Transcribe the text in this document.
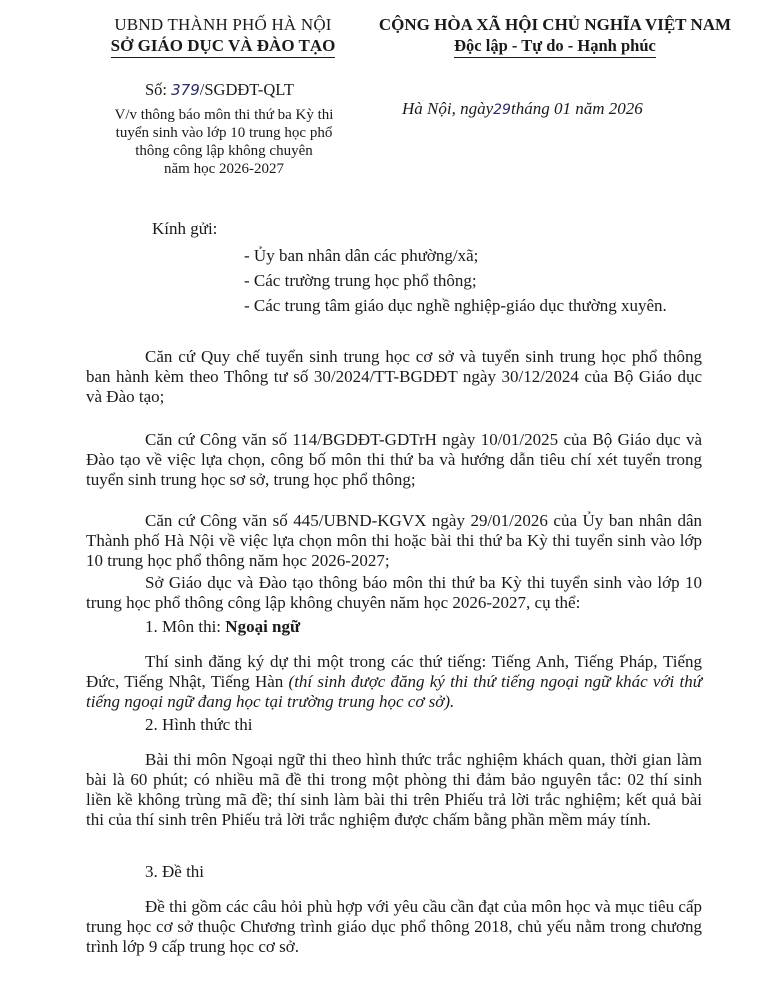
UBND THÀNH PHỐ HÀ NỘI
SỞ GIÁO DỤC VÀ ĐÀO TẠO
CỘNG HÒA XÃ HỘI CHỦ NGHĨA VIỆT NAM
Độc lập - Tự do - Hạnh phúc
Số: 379/SGDĐT-QLT
V/v thông báo môn thi thứ ba Kỳ thi
tuyển sinh vào lớp 10 trung học phổ
thông công lập không chuyên
năm học 2026-2027
Hà Nội, ngày29tháng 01 năm 2026
Kính gửi:
- Ủy ban nhân dân các phường/xã;
- Các trường trung học phổ thông;
- Các trung tâm giáo dục nghề nghiệp-giáo dục thường xuyên.
Căn cứ Quy chế tuyển sinh trung học cơ sở và tuyển sinh trung học phổ thông ban hành kèm theo Thông tư số 30/2024/TT-BGDĐT ngày 30/12/2024 của Bộ Giáo dục và Đào tạo;
Căn cứ Công văn số 114/BGDĐT-GDTrH ngày 10/01/2025 của Bộ Giáo dục và Đào tạo về việc lựa chọn, công bố môn thi thứ ba và hướng dẫn tiêu chí xét tuyển trong tuyển sinh trung học sơ sở, trung học phổ thông;
Căn cứ Công văn số 445/UBND-KGVX ngày 29/01/2026 của Ủy ban nhân dân Thành phố Hà Nội về việc lựa chọn môn thi hoặc bài thi thứ ba Kỳ thi tuyển sinh vào lớp 10 trung học phổ thông năm học 2026-2027;
Sở Giáo dục và Đào tạo thông báo môn thi thứ ba Kỳ thi tuyển sinh vào lớp 10 trung học phổ thông công lập không chuyên năm học 2026-2027, cụ thể:
1. Môn thi: Ngoại ngữ
Thí sinh đăng ký dự thi một trong các thứ tiếng: Tiếng Anh, Tiếng Pháp, Tiếng Đức, Tiếng Nhật, Tiếng Hàn (thí sinh được đăng ký thi thứ tiếng ngoại ngữ khác với thứ tiếng ngoại ngữ đang học tại trường trung học cơ sở).
2. Hình thức thi
Bài thi môn Ngoại ngữ thi theo hình thức trắc nghiệm khách quan, thời gian làm bài là 60 phút; có nhiều mã đề thi trong một phòng thi đảm bảo nguyên tắc: 02 thí sinh liền kề không trùng mã đề; thí sinh làm bài thi trên Phiếu trả lời trắc nghiệm; kết quả bài thi của thí sinh trên Phiếu trả lời trắc nghiệm được chấm bằng phần mềm máy tính.
3. Đề thi
Đề thi gồm các câu hỏi phù hợp với yêu cầu cần đạt của môn học và mục tiêu cấp trung học cơ sở thuộc Chương trình giáo dục phổ thông 2018, chủ yếu nằm trong chương trình lớp 9 cấp trung học cơ sở.
